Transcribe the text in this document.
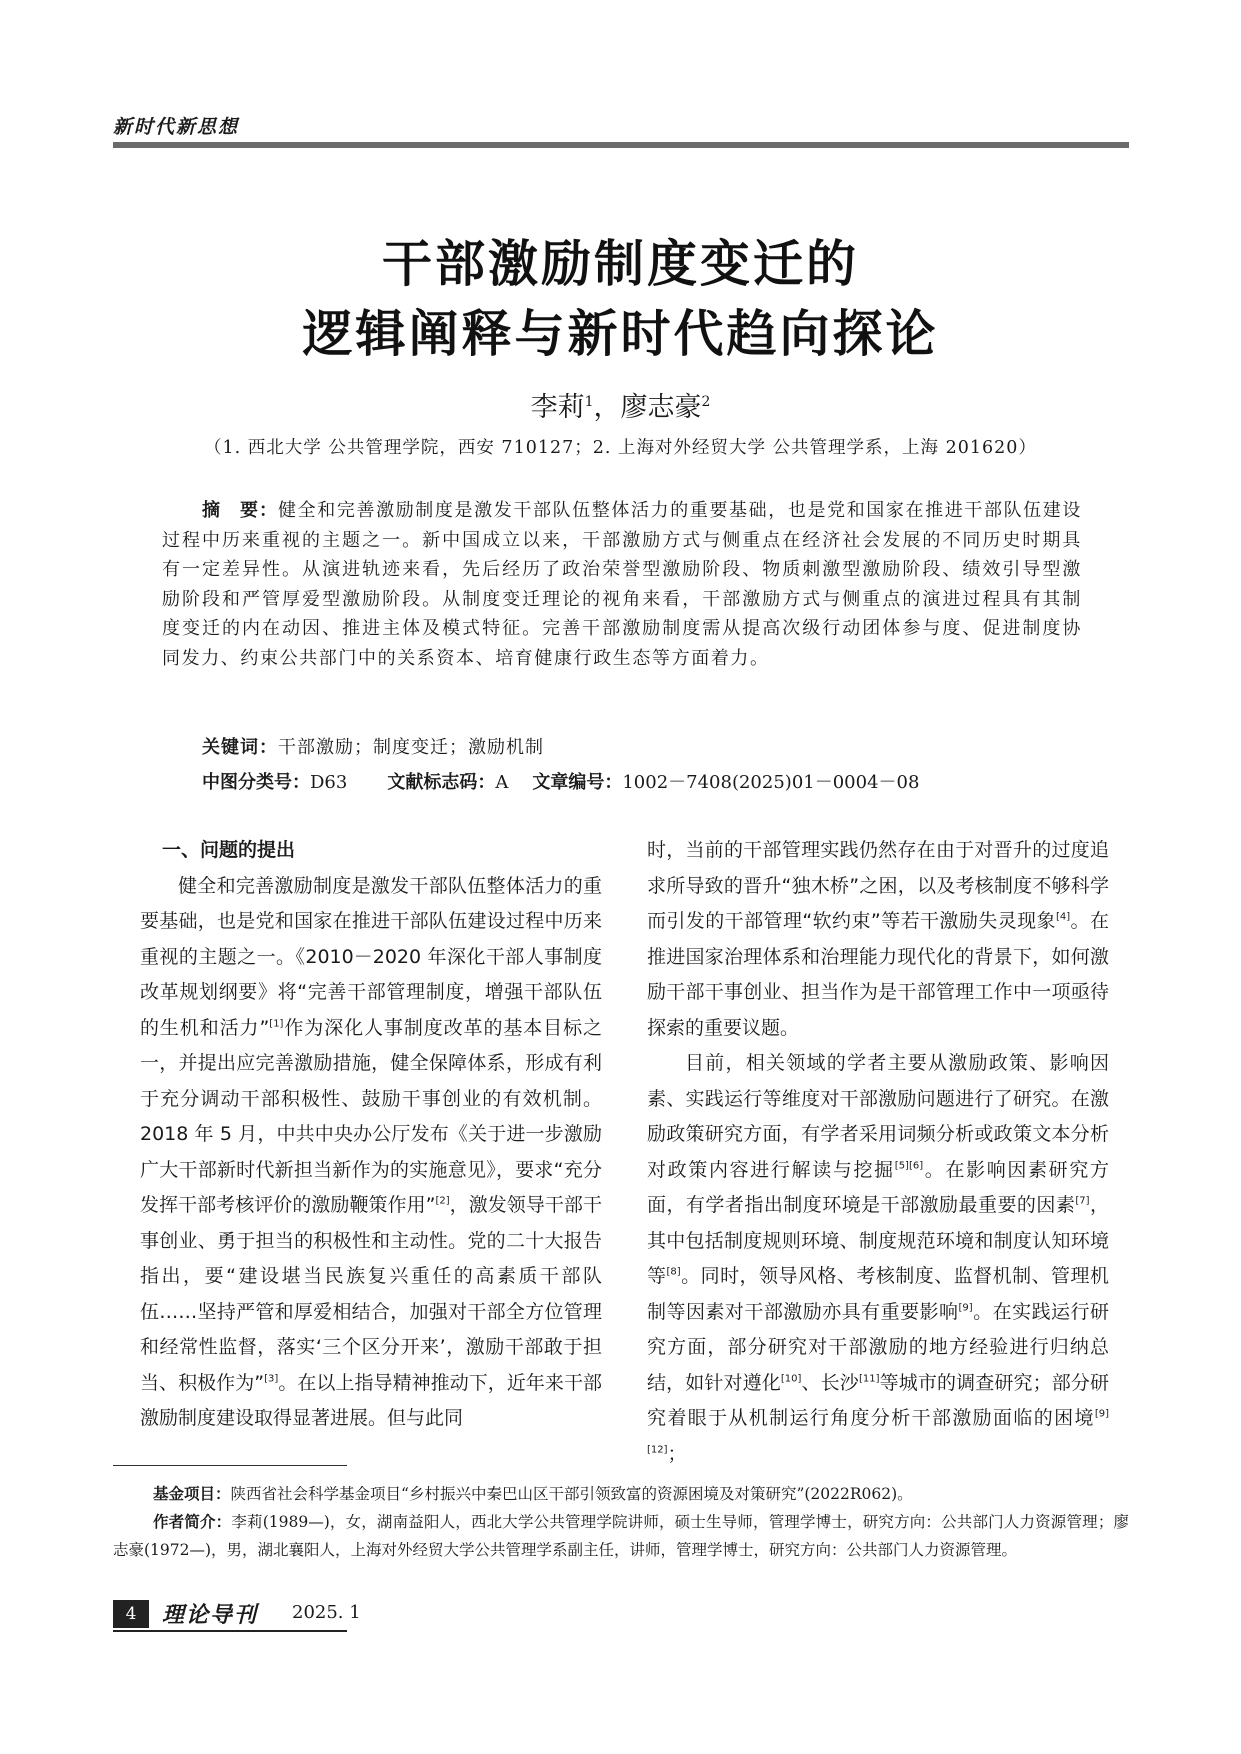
新时代新思想
干部激励制度变迁的
逻辑阐释与新时代趋向探论
李莉$^1$，廖志豪$^2$
（1. 西北大学 公共管理学院，西安 710127；2. 上海对外经贸大学 公共管理学系，上海 201620）
摘　要：健全和完善激励制度是激发干部队伍整体活力的重要基础，也是党和国家在推进干部队伍建设过程中历来重视的主题之一。新中国成立以来，干部激励方式与侧重点在经济社会发展的不同历史时期具有一定差异性。从演进轨迹来看，先后经历了政治荣誉型激励阶段、物质刺激型激励阶段、绩效引导型激励阶段和严管厚爱型激励阶段。从制度变迁理论的视角来看，干部激励方式与侧重点的演进过程具有其制度变迁的内在动因、推进主体及模式特征。完善干部激励制度需从提高次级行动团体参与度、促进制度协同发力、约束公共部门中的关系资本、培育健康行政生态等方面着力。
关键词：干部激励；制度变迁；激励机制
中图分类号：D63 文献标志码：A 文章编号：1002－7408(2025)01－0004－08

一、问题的提出

健全和完善激励制度是激发干部队伍整体活力的重要基础，也是党和国家在推进干部队伍建设过程中历来重视的主题之一。《2010－2020 年深化干部人事制度改革规划纲要》将“完善干部管理制度，增强干部队伍的生机和活力”[1]作为深化人事制度改革的基本目标之一，并提出应完善激励措施，健全保障体系，形成有利于充分调动干部积极性、鼓励干事创业的有效机制。2018 年 5 月，中共中央办公厅发布《关于进一步激励广大干部新时代新担当新作为的实施意见》，要求“充分发挥干部考核评价的激励鞭策作用”[2]，激发领导干部干事创业、勇于担当的积极性和主动性。党的二十大报告指出，要“建设堪当民族复兴重任的高素质干部队伍……坚持严管和厚爱相结合，加强对干部全方位管理和经常性监督，落实‘三个区分开来’，激励干部敢于担当、积极作为”[3]。在以上指导精神推动下，近年来干部激励制度建设取得显著进展。但与此同

时，当前的干部管理实践仍然存在由于对晋升的过度追求所导致的晋升“独木桥”之困，以及考核制度不够科学而引发的干部管理“软约束”等若干激励失灵现象[4]。在推进国家治理体系和治理能力现代化的背景下，如何激励干部干事创业、担当作为是干部管理工作中一项亟待探索的重要议题。

目前，相关领域的学者主要从激励政策、影响因素、实践运行等维度对干部激励问题进行了研究。在激励政策研究方面，有学者采用词频分析或政策文本分析对政策内容进行解读与挖掘[5][6]。在影响因素研究方面，有学者指出制度环境是干部激励最重要的因素[7]，其中包括制度规则环境、制度规范环境和制度认知环境等[8]。同时，领导风格、考核制度、监督机制、管理机制等因素对干部激励亦具有重要影响[9]。在实践运行研究方面，部分研究对干部激励的地方经验进行归纳总结，如针对遵化[10]、长沙[11]等城市的调查研究；部分研究着眼于从机制运行角度分析干部激励面临的困境[9][12]；

基金项目：陕西省社会科学基金项目“乡村振兴中秦巴山区干部引领致富的资源困境及对策研究”(2022R062)。

作者简介：李莉(1989—)，女，湖南益阳人，西北大学公共管理学院讲师，硕士生导师，管理学博士，研究方向：公共部门人力资源管理；廖志豪(1972—)，男，湖北襄阳人，上海对外经贸大学公共管理学系副主任，讲师，管理学博士，研究方向：公共部门人力资源管理。

4	理论导刊 2025. 1
